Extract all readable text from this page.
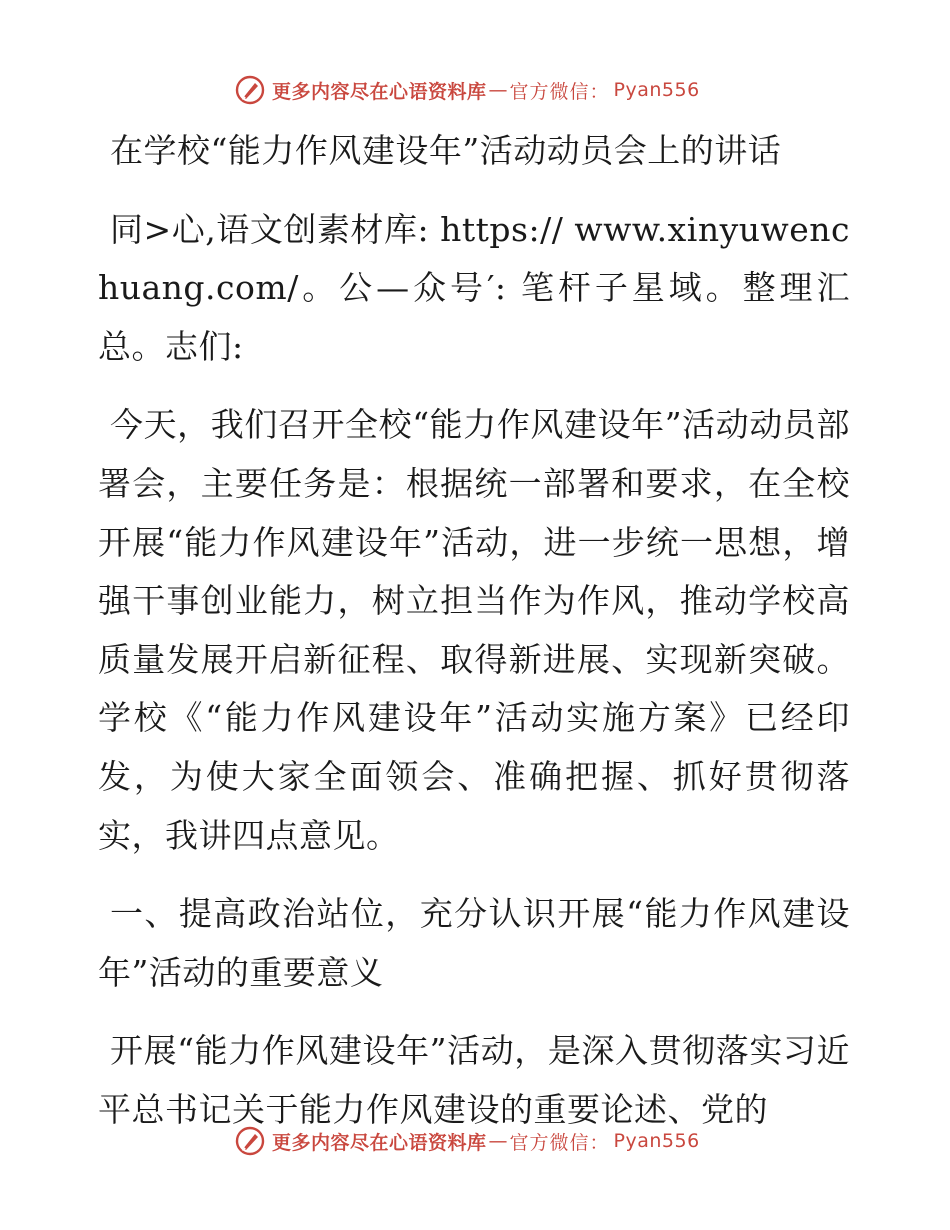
更多内容尽在心语资料库 — 官方微信： Pyan556

在学校“能力作风建设年”活动动员会上的讲话

同>心,语文创素材库: https:// www.xinyuwenchuang.com/。公—众号′: 笔杆子星域。整理汇总。志们:

今天，我们召开全校“能力作风建设年”活动动员部署会，主要任务是：根据统一部署和要求，在全校开展“能力作风建设年”活动，进一步统一思想，增强干事创业能力，树立担当作为作风，推动学校高质量发展开启新征程、取得新进展、实现新突破。学校《“能力作风建设年”活动实施方案》已经印发，为使大家全面领会、准确把握、抓好贯彻落实，我讲四点意见。

一、提高政治站位，充分认识开展“能力作风建设年”活动的重要意义

开展“能力作风建设年”活动，是深入贯彻落实习近平总书记关于能力作风建设的重要论述、党的

更多内容尽在心语资料库 — 官方微信： Pyan556
